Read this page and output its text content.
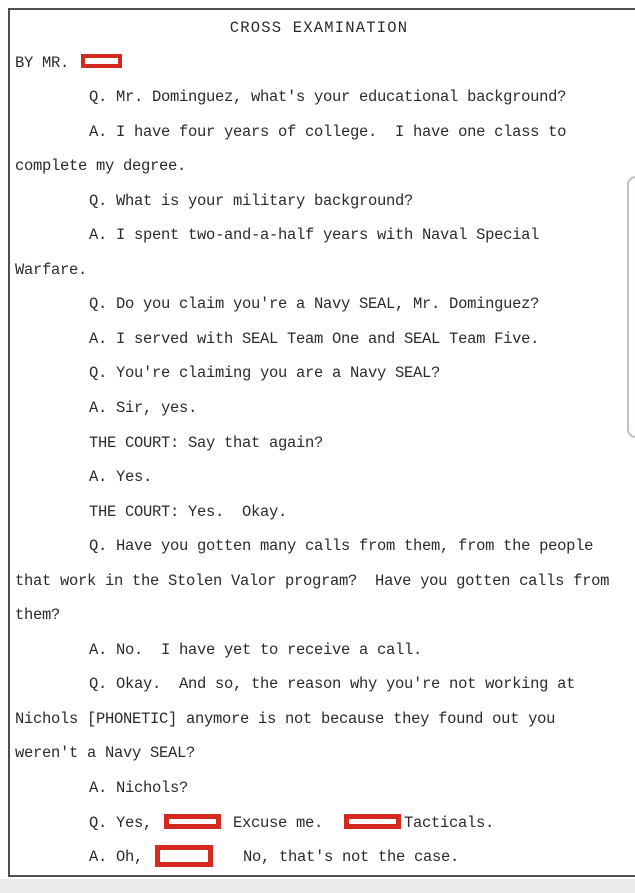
CROSS EXAMINATION
BY MR.
Q. Mr. Dominguez, what's your educational background?
A. I have four years of college.  I have one class to
complete my degree.
Q. What is your military background?
A. I spent two-and-a-half years with Naval Special
Warfare.
Q. Do you claim you're a Navy SEAL, Mr. Dominguez?
A. I served with SEAL Team One and SEAL Team Five.
Q. You're claiming you are a Navy SEAL?
A. Sir, yes.
THE COURT: Say that again?
A. Yes.
THE COURT: Yes.  Okay.
Q. Have you gotten many calls from them, from the people
that work in the Stolen Valor program?  Have you gotten calls from
them?
A. No.  I have yet to receive a call.
Q. Okay.  And so, the reason why you're not working at
Nichols [PHONETIC] anymore is not because they found out you
weren't a Navy SEAL?
A. Nichols?
Q. Yes,	Excuse me.	Tacticals.
A. Oh,	No, that's not the case.
